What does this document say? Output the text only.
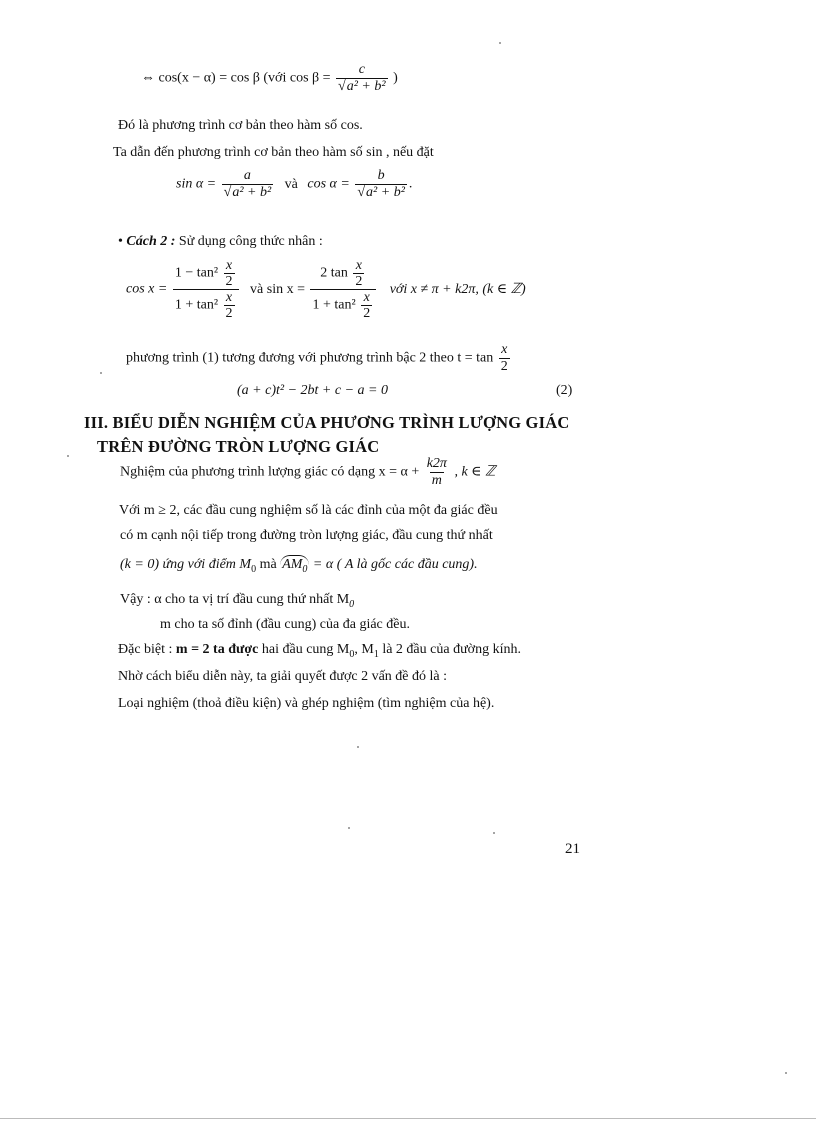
⇔ cos(x − α) = cos β (với $\cos \beta = \frac{c}{\text{√a² + b²}}$ )
Đó là phương trình cơ bản theo hàm số cos.
Ta dẫn đến phương trình cơ bản theo hàm số sin , nếu đặt
$\sin \alpha = \frac{a}{\text{√a² + b²}}$ và $\cos \alpha = \frac{b}{\text{√a² + b²}}$ .
• Cách 2 : Sử dụng công thức nhân :
$\cos x = \frac{1 - \tan^2 \frac{x}{2}}{1 + \tan^2 \frac{x}{2}}$ và $\sin x = \frac{2 \tan \frac{x}{2}}{1 + \tan^2 \frac{x}{2}}$ với x ≠ π + k2π, (k ∈ ℤ)
phương trình (1) tương đương với phương trình bậc 2 theo $t = \tan \frac{x}{2}$
(a + c)t² − 2bt + c − a = 0	(2)
III. BIỂU DIỄN NGHIỆM CỦA PHƯƠNG TRÌNH LƯỢNG GIÁC
TRÊN ĐƯỜNG TRÒN LƯỢNG GIÁC
Nghiệm của phương trình lượng giác có dạng $x = \alpha + \frac{k2\pi}{m}$ , k ∈ ℤ
Với m ≥ 2, các đầu cung nghiệm số là các đỉnh của một đa giác đều
có m cạnh nội tiếp trong đường tròn lượng giác, đầu cung thứ nhất
(k = 0) ứng với điểm $M_0$ mà $AM_0 = \alpha$ ( A là gốc các đầu cung).
Vậy : α cho ta vị trí đầu cung thứ nhất $M_0$
m cho ta số đỉnh (đầu cung) của đa giác đều.
Đặc biệt : m = 2 ta được hai đầu cung $M_0$, $M_1$ là 2 đầu của đường kính.
Nhờ cách biểu diễn này, ta giải quyết được 2 vấn đề đó là :
Loại nghiệm (thoả điều kiện) và ghép nghiệm (tìm nghiệm của hệ).
21
